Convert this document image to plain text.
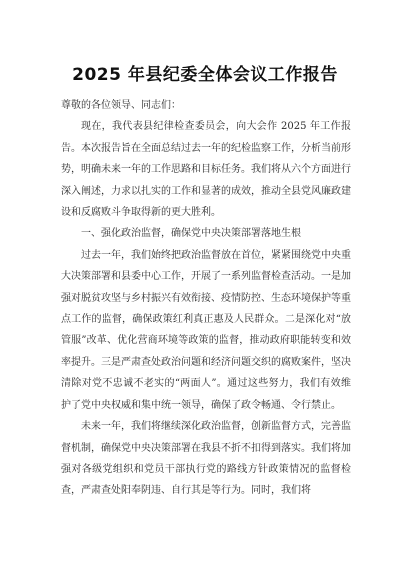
2025 年县纪委全体会议工作报告

尊敬的各位领导、同志们：

现在，我代表县纪律检查委员会，向大会作 2025 年工作报告。本次报告旨在全面总结过去一年的纪检监察工作，分析当前形势，明确未来一年的工作思路和目标任务。我们将从六个方面进行深入阐述，力求以扎实的工作和显著的成效，推动全县党风廉政建设和反腐败斗争取得新的更大胜利。

一、强化政治监督，确保党中央决策部署落地生根

过去一年，我们始终把政治监督放在首位，紧紧围绕党中央重大决策部署和县委中心工作，开展了一系列监督检查活动。一是加强对脱贫攻坚与乡村振兴有效衔接、疫情防控、生态环境保护等重点工作的监督，确保政策红利真正惠及人民群众。二是深化对“放管服”改革、优化营商环境等政策的监督，推动政府职能转变和效率提升。三是严肃查处政治问题和经济问题交织的腐败案件，坚决清除对党不忠诚不老实的“两面人”。通过这些努力，我们有效维护了党中央权威和集中统一领导，确保了政令畅通、令行禁止。

未来一年，我们将继续深化政治监督，创新监督方式，完善监督机制，确保党中央决策部署在我县不折不扣得到落实。我们将加强对各级党组织和党员干部执行党的路线方针政策情况的监督检查，严肃查处阳奉阴违、自行其是等行为。同时，我们将
